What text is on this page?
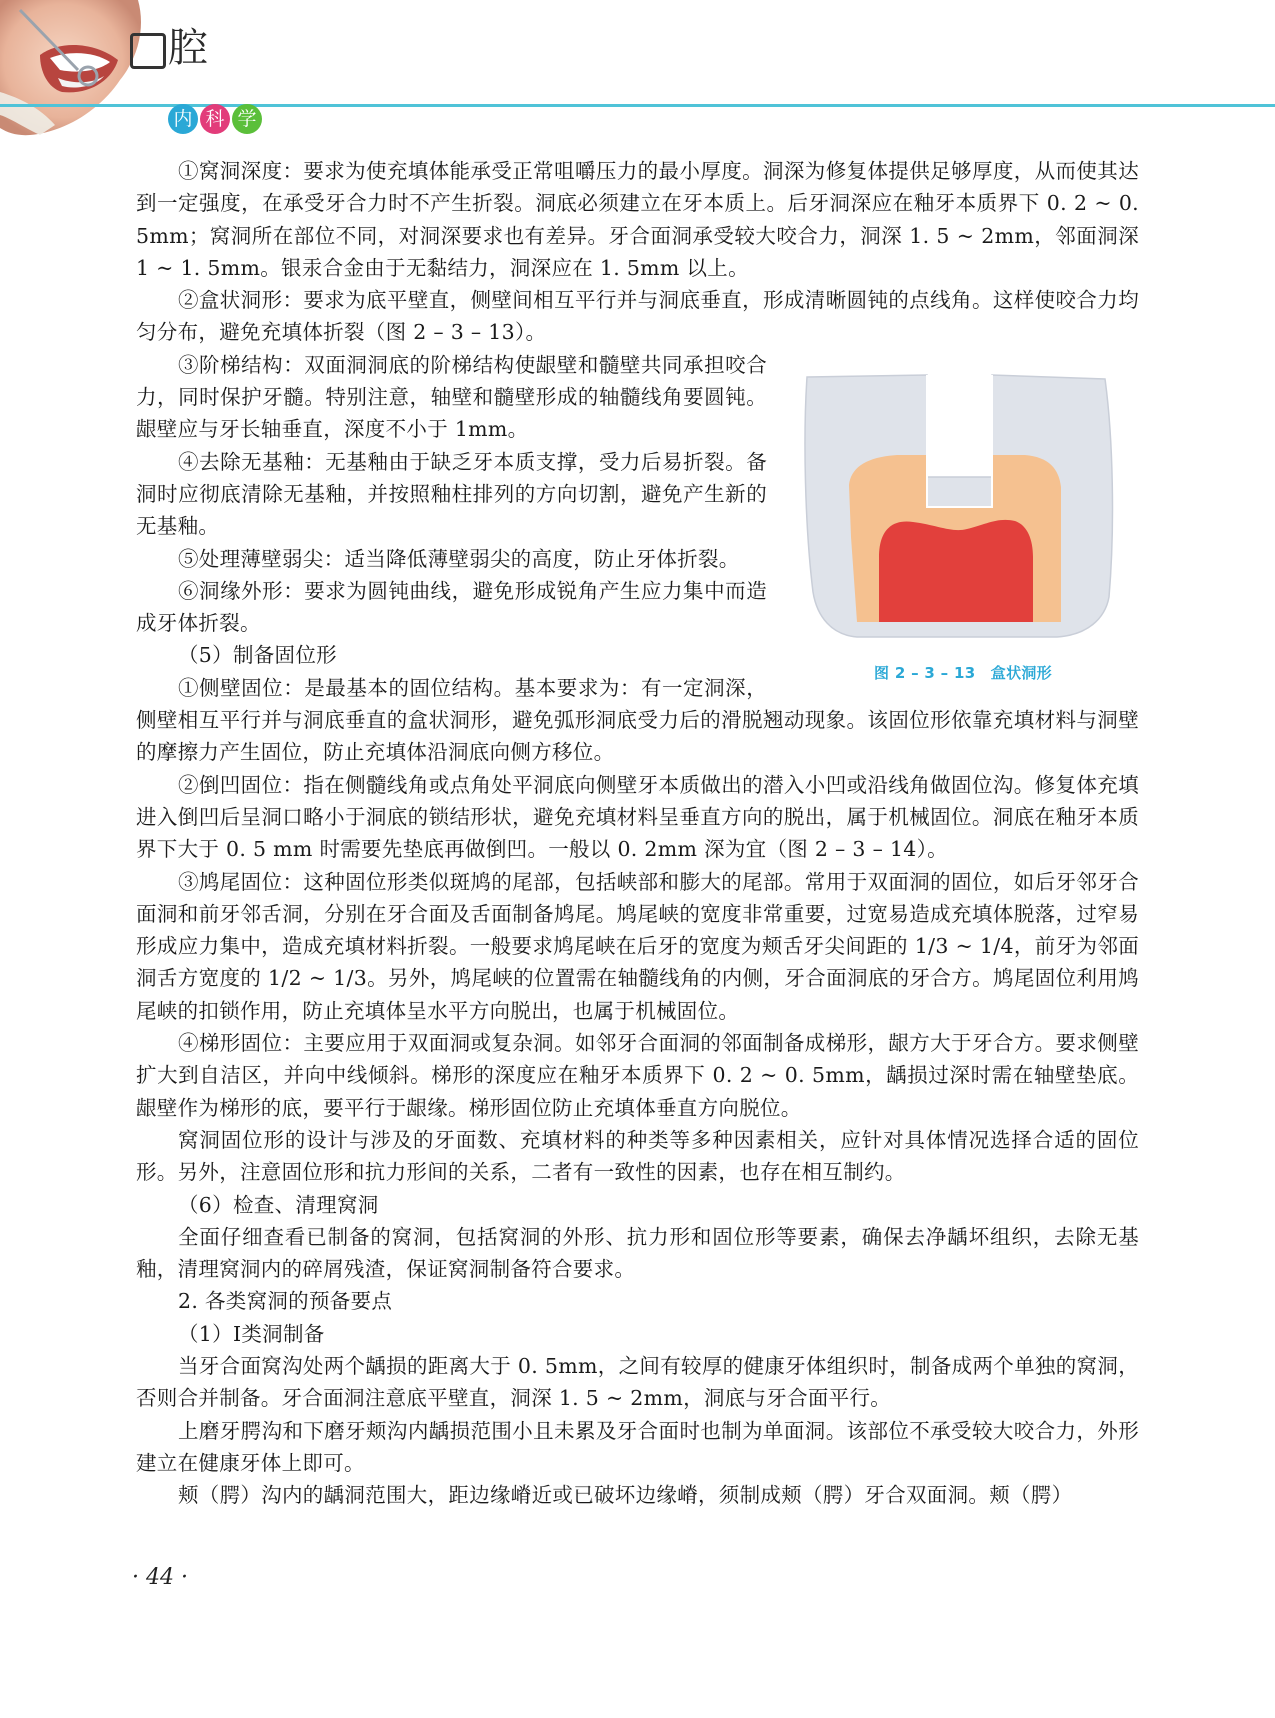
腔
内 科 学

①窝洞深度：要求为使充填体能承受正常咀嚼压力的最小厚度。洞深为修复体提供足够厚度，从而使其达到一定强度，在承受牙合力时不产生折裂。洞底必须建立在牙本质上。后牙洞深应在釉牙本质界下 0. 2 ~ 0. 5mm；窝洞所在部位不同，对洞深要求也有差异。牙合面洞承受较大咬合力，洞深 1. 5 ~ 2mm，邻面洞深 1 ~ 1. 5mm。银汞合金由于无黏结力，洞深应在 1. 5mm 以上。

②盒状洞形：要求为底平壁直，侧壁间相互平行并与洞底垂直，形成清晰圆钝的点线角。这样使咬合力均匀分布，避免充填体折裂（图 2 – 3 – 13）。

图 2 – 3 – 13　盒状洞形

③阶梯结构：双面洞洞底的阶梯结构使龈壁和髓壁共同承担咬合力，同时保护牙髓。特别注意，轴壁和髓壁形成的轴髓线角要圆钝。龈壁应与牙长轴垂直，深度不小于 1mm。

④去除无基釉：无基釉由于缺乏牙本质支撑，受力后易折裂。备洞时应彻底清除无基釉，并按照釉柱排列的方向切割，避免产生新的无基釉。

⑤处理薄壁弱尖：适当降低薄壁弱尖的高度，防止牙体折裂。

⑥洞缘外形：要求为圆钝曲线，避免形成锐角产生应力集中而造成牙体折裂。

（5）制备固位形

①侧壁固位：是最基本的固位结构。基本要求为：有一定洞深，侧壁相互平行并与洞底垂直的盒状洞形，避免弧形洞底受力后的滑脱翘动现象。该固位形依靠充填材料与洞壁的摩擦力产生固位，防止充填体沿洞底向侧方移位。

②倒凹固位：指在侧髓线角或点角处平洞底向侧壁牙本质做出的潜入小凹或沿线角做固位沟。修复体充填进入倒凹后呈洞口略小于洞底的锁结形状，避免充填材料呈垂直方向的脱出，属于机械固位。洞底在釉牙本质界下大于 0. 5 mm 时需要先垫底再做倒凹。一般以 0. 2mm 深为宜（图 2 – 3 – 14）。

③鸠尾固位：这种固位形类似斑鸠的尾部，包括峡部和膨大的尾部。常用于双面洞的固位，如后牙邻牙合面洞和前牙邻舌洞，分别在牙合面及舌面制备鸠尾。鸠尾峡的宽度非常重要，过宽易造成充填体脱落，过窄易形成应力集中，造成充填材料折裂。一般要求鸠尾峡在后牙的宽度为颊舌牙尖间距的 1/3 ~ 1/4，前牙为邻面洞舌方宽度的 1/2 ~ 1/3。另外，鸠尾峡的位置需在轴髓线角的内侧，牙合面洞底的牙合方。鸠尾固位利用鸠尾峡的扣锁作用，防止充填体呈水平方向脱出，也属于机械固位。

④梯形固位：主要应用于双面洞或复杂洞。如邻牙合面洞的邻面制备成梯形，龈方大于牙合方。要求侧壁扩大到自洁区，并向中线倾斜。梯形的深度应在釉牙本质界下 0. 2 ~ 0. 5mm，龋损过深时需在轴壁垫底。龈壁作为梯形的底，要平行于龈缘。梯形固位防止充填体垂直方向脱位。

窝洞固位形的设计与涉及的牙面数、充填材料的种类等多种因素相关，应针对具体情况选择合适的固位形。另外，注意固位形和抗力形间的关系，二者有一致性的因素，也存在相互制约。

（6）检查、清理窝洞

全面仔细查看已制备的窝洞，包括窝洞的外形、抗力形和固位形等要素，确保去净龋坏组织，去除无基釉，清理窝洞内的碎屑残渣，保证窝洞制备符合要求。

2. 各类窝洞的预备要点

（1）Ⅰ类洞制备

当牙合面窝沟处两个龋损的距离大于 0. 5mm，之间有较厚的健康牙体组织时，制备成两个单独的窝洞，否则合并制备。牙合面洞注意底平壁直，洞深 1. 5 ~ 2mm，洞底与牙合面平行。

上磨牙腭沟和下磨牙颊沟内龋损范围小且未累及牙合面时也制为单面洞。该部位不承受较大咬合力，外形建立在健康牙体上即可。

颊（腭）沟内的龋洞范围大，距边缘嵴近或已破坏边缘嵴，须制成颊（腭）牙合双面洞。颊（腭）

· 44 ·
